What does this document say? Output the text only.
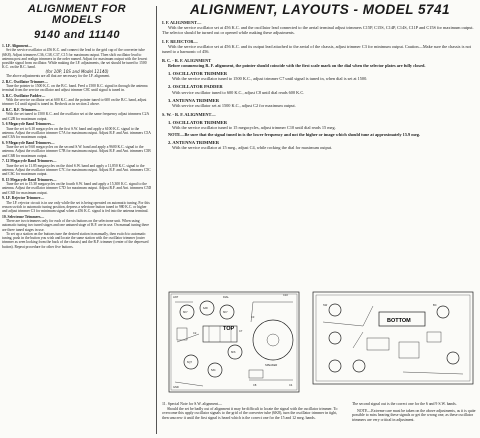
ALIGNMENT FOR MODELS
9140 and 11140
1. I.F. Alignment—
Set the service oscillator at 456 K.C. and connect the lead to the grid cap of the converter tube (6K8). Adjust trimmers C36, C38, C37, C15 for maximum output. Then shift oscillator lead to antenna post and realign trimmers in the order named. Adjust for maximum output with the lowest possible signal from oscillator. While making the I.F. adjustments, the set should be tuned to 1500 K.C. on the B.C. band.
(for 10P, 10S and Model 11140)
The above adjustments are all that are necessary for the I.F. alignment.
2. B.C. Oscillator Trimmer—
Tune the pointer to 1500 K.C. on the B.C. band. Feed a 1500 K.C. signal in through the antenna terminal from the service oscillator and adjust trimmer C8C until signal is tuned in.
3. B.C. Oscillator Padder—
With the service oscillator set at 600 K.C. and the pointer tuned to 600 on the B.C. band, adjust trimmer C4 until signal is tuned in. Recheck as in section 2 above.
4. B.C. R.F. Trimmers—
With the set tuned to 1500 K.C. and the oscillator set at the same frequency adjust trimmers C2A and C2B for maximum output.
5. 6 Megacycle Band Trimmers—
Tune the set to 6.10 megacycles on the first S.W. band and apply a 6100 K.C. signal to the antenna. Adjust the oscillator trimmer C7A for maximum output. Adjust R.F. and Ant. trimmers C5A and C6A for maximum output.
6. 9 Megacycle Band Trimmers—
Tune the set to 9.60 megacycles on the second S.W. band and apply a 9600 K.C. signal to the antenna. Adjust the oscillator trimmer C7B for maximum output. Adjust R.F. and Ant. trimmers C5B and C6B for maximum output.
7. 12 Megacycle Band Trimmers—
Tune the set to 11.85 megacycles on the third S.W. band and apply a 11,850 K.C. signal to the antenna. Adjust the oscillator trimmer C7C for maximum output. Adjust R.F. and Ant. trimmers C5C and C6C for maximum output.
8. 15 Megacycle Band Trimmers—
Tune the set to 15.30 megacycles on the fourth S.W. band and apply a 15,300 K.C. signal to the antenna. Adjust the oscillator trimmer C7D for maximum output. Adjust R.F. and Ant. trimmers C5D and C6D for maximum output.
9. I.F. Rejector Trimmer—
The I.F. rejector circuit is in use only while the set is being operated on automatic tuning. For this reason switch to automatic tuning position, depress a selectone button tuned to 980 K.C. or higher and adjust trimmer C3 for minimum signal when a 456 K.C. signal is fed into the antenna terminal.
10. Selectrone Trimmers—
There are two trimmers only for each of the six buttons on the selectrone unit. When using automatic tuning two tuned stages and one untuned stage of R.F. are in use. On manual tuning there are three tuned stages in use.
To set up a station on the buttons tune the desired station in manually, then switch to automatic tuning, push in the button you wish and locate the same station with the oscillator trimmer (outer trimmer as seen looking from the back of the chassis) and the R.F. trimmer (center of the depressed button). Repeat procedure for other five buttons.
ALIGNMENT, LAYOUTS - MODEL 5741
I. F. ALIGNMENT—
With the service oscillator set at 456 K.C. and the oscillator lead connected to the aerial terminal adjust trimmers C15P, C15S, C14P, C14S, C11P and C15S for maximum output. The selector should be turned out or opened while making these adjustments.
I. F. REJECTOR—
With the service oscillator set at 456 K.C. and its output lead attached to the aerial of the chassis, adjust trimmer C3 for minimum output. Caution—Make sure the chassis is not tuned to a harmonic of 456.
B. C. - R. F. ALIGNMENT
Before commencing R. F. alignment, the pointer should coincide with the first scale mark on the dial when the selector plates are fully closed.
1. OSCILLATOR TRIMMER
With the service oscillator tuned to 1500 K.C., adjust trimmer C7 until signal is tuned in, when dial is set at 1500.
2. OSCILLATOR PADDER
With service oscillator tuned to 600 K.C., adjust C8 until dial reads 600 K.C.
3. ANTENNA TRIMMER
With service oscillator set at 1500 K.C., adjust C2 for maximum output.
S. W. - R. F. ALIGNMENT—
1. OSCILLATOR TRIMMER
With the service oscillator tuned to 15 megacycles, adjust trimmer C10 until dial reads 15 meg.
NOTE—Be sure that the signal tuned in is the lower frequency and not the higher or image which should tune at approximately 15.9 meg.
2. ANTENNA TRIMMER
With the service oscillator at 15 meg., adjust C4, while rocking the dial for maximum output.
TOP
BOTTOM
6K7
6A8
6K7
6Q7
5Z4
6F6
C3
C7
C2
C10
C4
C8
SPEAKER
DIAL
ANT
GND
SW	BC
11. Special Note for S.W. alignment—
Should the set be badly out of alignment it may be difficult to locate the signal with the oscillator trimmer. To overcome this apply oscillator signals to the grid of the converter tube (6K8), turn the oscillator trimmer in tight, then unscrew it until the first signal is heard which is the correct one for the 15 and 12 meg. bands.
The second signal out is the correct one for the 6 and 9 S.W. bands.
NOTE—Extreme care must be taken on the above adjustments, as it is quite possible to miss hearing these signals or get the wrong one, as these oscillator trimmers are very critical in adjustment.
